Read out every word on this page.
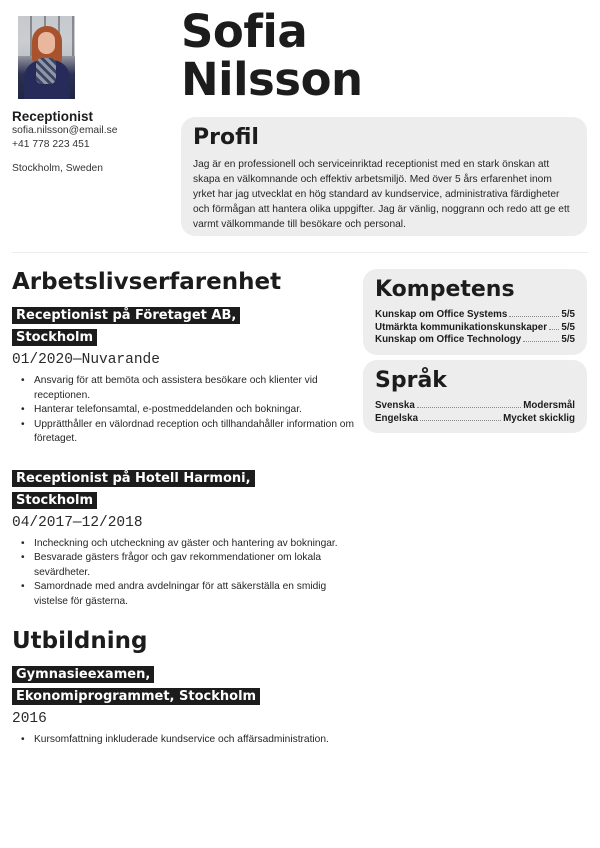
Receptionist
sofia.nilsson@email.se
+41 778 223 451
Stockholm, Sweden
Sofia
Nilsson
Profil

Jag är en professionell och serviceinriktad receptionist med en stark önskan att skapa en välkomnande och effektiv arbetsmiljö. Med över 5 års erfarenhet inom yrket har jag utvecklat en hög standard av kundservice, administrativa färdigheter och förmågan att hantera olika uppgifter. Jag är vänlig, noggrann och redo att ge ett varmt välkommande till besökare och personal.

Arbetslivserfarenhet
Receptionist på Företaget AB, Stockholm
01/2020—Nuvarande
• Ansvarig för att bemöta och assistera besökare och klienter vid receptionen.
• Hanterar telefonsamtal, e-postmeddelanden och bokningar.
• Upprätthåller en välordnad reception och tillhandahåller information om företaget.
Receptionist på Hotell Harmoni, Stockholm
04/2017—12/2018
• Incheckning och utcheckning av gäster och hantering av bokningar.
• Besvarade gästers frågor och gav rekommendationer om lokala sevärdheter.
• Samordnade med andra avdelningar för att säkerställa en smidig vistelse för gästerna.
Utbildning
Gymnasieexamen, Ekonomiprogrammet, Stockholm
2016
• Kursomfattning inkluderade kundservice och affärsadministration.
Kompetens
Kunskap om Office Systems	5/5
Utmärkta kommunikationskunskaper 5/5
Kunskap om Office Technology	5/5
Språk
Svenska	Modersmål
Engelska	Mycket skicklig
